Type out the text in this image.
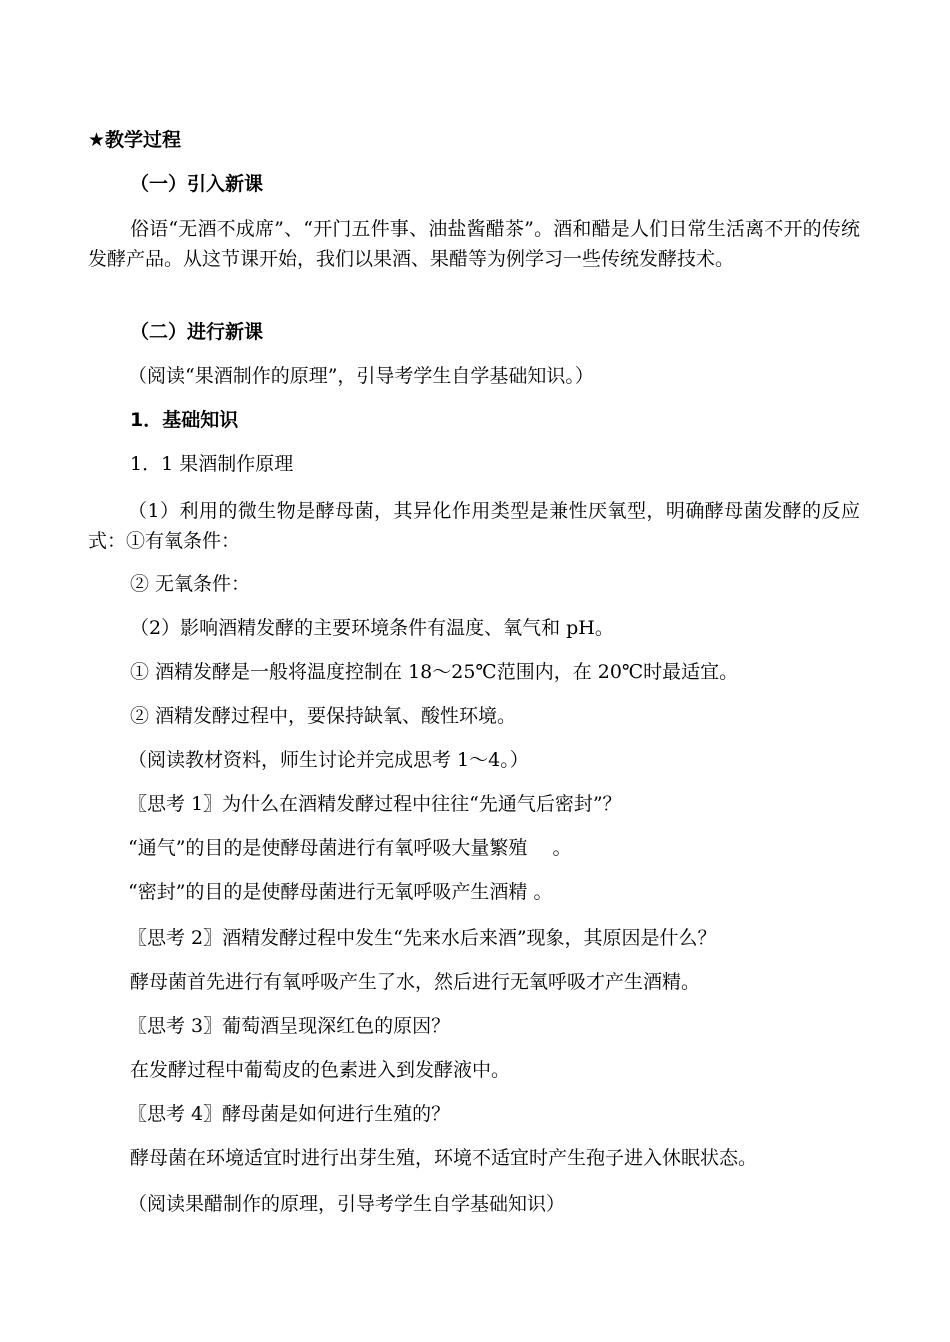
★教学过程
（一）引入新课
俗语“无酒不成席”、“开门五件事、油盐酱醋茶”。酒和醋是人们日常生活离不开的传统发酵产品。从这节课开始，我们以果酒、果醋等为例学习一些传统发酵技术。
（二）进行新课
（阅读“果酒制作的原理”，引导考学生自学基础知识。）
1．基础知识
1．1 果酒制作原理
（1）利用的微生物是酵母菌，其异化作用类型是兼性厌氧型，明确酵母菌发酵的反应式：①有氧条件：
② 无氧条件：
（2）影响酒精发酵的主要环境条件有温度、氧气和 pH。
① 酒精发酵是一般将温度控制在 18～25℃范围内，在 20℃时最适宜。
② 酒精发酵过程中，要保持缺氧、酸性环境。
（阅读教材资料，师生讨论并完成思考 1～4。）
〖思考 1〗为什么在酒精发酵过程中往往“先通气后密封”？
“通气”的目的是使酵母菌进行有氧呼吸大量繁殖　 。
“密封”的目的是使酵母菌进行无氧呼吸产生酒精 。
〖思考 2〗酒精发酵过程中发生“先来水后来酒”现象，其原因是什么？
酵母菌首先进行有氧呼吸产生了水，然后进行无氧呼吸才产生酒精。
〖思考 3〗葡萄酒呈现深红色的原因？
在发酵过程中葡萄皮的色素进入到发酵液中。
〖思考 4〗酵母菌是如何进行生殖的？
酵母菌在环境适宜时进行出芽生殖，环境不适宜时产生孢子进入休眠状态。
（阅读果醋制作的原理，引导考学生自学基础知识）
